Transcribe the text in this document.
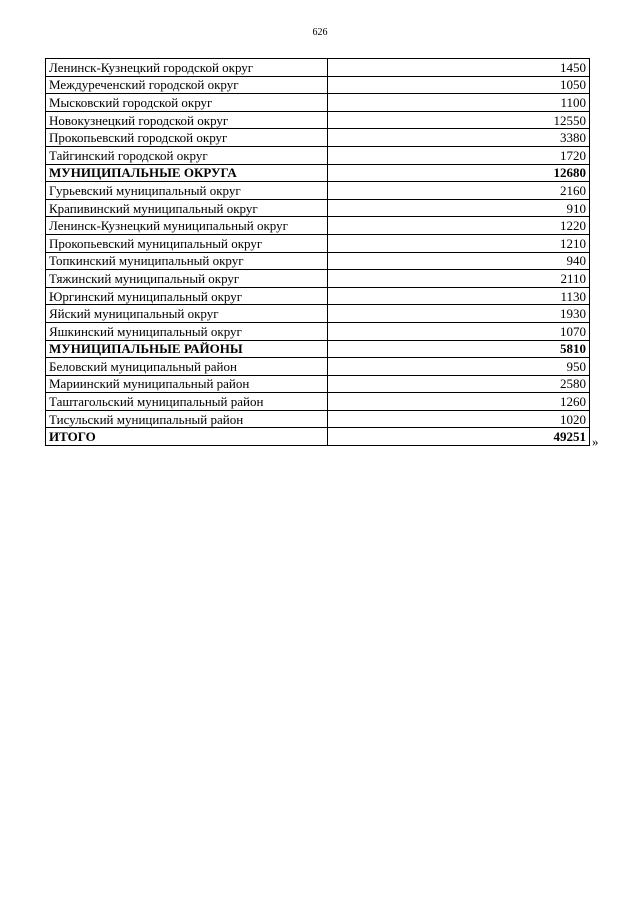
626
Ленинск-Кузнецкий городской округ	1450
Междуреченский городской округ	1050
Мысковский городской округ	1100
Новокузнецкий городской округ	12550
Прокопьевский городской округ	3380
Тайгинский городской округ	1720
МУНИЦИПАЛЬНЫЕ ОКРУГА	12680
Гурьевский муниципальный округ	2160
Крапивинский муниципальный округ	910
Ленинск-Кузнецкий муниципальный округ	1220
Прокопьевский муниципальный округ	1210
Топкинский муниципальный округ	940
Тяжинский муниципальный округ	2110
Юргинский муниципальный округ	1130
Яйский муниципальный округ	1930
Яшкинский муниципальный округ	1070
МУНИЦИПАЛЬНЫЕ РАЙОНЫ	5810
Беловский муниципальный район	950
Мариинский муниципальный район	2580
Таштагольский муниципальный район	1260
Тисульский муниципальный район	1020
ИТОГО	49251 »
